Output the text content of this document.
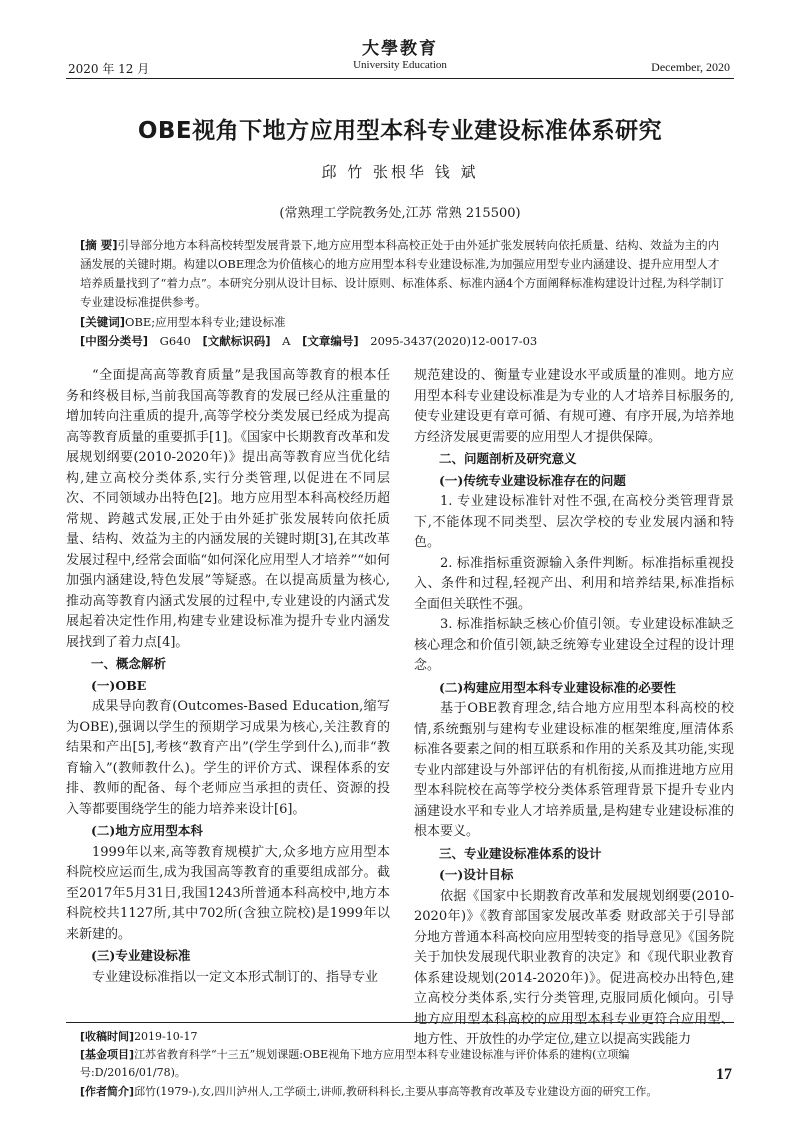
大學教育
2020 年 12 月	University Education	December, 2020
OBE视角下地方应用型本科专业建设标准体系研究
邱 竹 张根华 钱 斌
(常熟理工学院教务处,江苏 常熟 215500)
[摘 要]引导部分地方本科高校转型发展背景下,地方应用型本科高校正处于由外延扩张发展转向依托质量、结构、效益为主的内涵发展的关键时期。构建以OBE理念为价值核心的地方应用型本科专业建设标准,为加强应用型专业内涵建设、提升应用型人才培养质量找到了“着力点”。本研究分别从设计目标、设计原则、标准体系、标准内涵4个方面阐释标准构建设计过程,为科学制订专业建设标准提供参考。
[关键词]OBE;应用型本科专业;建设标准
[中图分类号] G640 [文献标识码] A [文章编号] 2095-3437(2020)12-0017-03

“全面提高高等教育质量”是我国高等教育的根本任务和终极目标,当前我国高等教育的发展已经从注重量的增加转向注重质的提升,高等学校分类发展已经成为提高高等教育质量的重要抓手[1]。《国家中长期教育改革和发展规划纲要(2010-2020年)》提出高等教育应当优化结构,建立高校分类体系,实行分类管理,以促进在不同层次、不同领域办出特色[2]。地方应用型本科高校经历超常规、跨越式发展,正处于由外延扩张发展转向依托质量、结构、效益为主的内涵发展的关键时期[3],在其改革发展过程中,经常会面临“如何深化应用型人才培养”“如何加强内涵建设,特色发展”等疑惑。在以提高质量为核心,推动高等教育内涵式发展的过程中,专业建设的内涵式发展起着决定性作用,构建专业建设标准为提升专业内涵发展找到了着力点[4]。

一、概念解析

(一)OBE

成果导向教育(Outcomes-Based Education,缩写为OBE),强调以学生的预期学习成果为核心,关注教育的结果和产出[5],考核“教育产出”(学生学到什么),而非“教育输入”(教师教什么)。学生的评价方式、课程体系的安排、教师的配备、每个老师应当承担的责任、资源的投入等都要围绕学生的能力培养来设计[6]。

(二)地方应用型本科

1999年以来,高等教育规模扩大,众多地方应用型本科院校应运而生,成为我国高等教育的重要组成部分。截至2017年5月31日,我国1243所普通本科高校中,地方本科院校共1127所,其中702所(含独立院校)是1999年以来新建的。

(三)专业建设标准

专业建设标准指以一定文本形式制订的、指导专业

规范建设的、衡量专业建设水平或质量的准则。地方应用型本科专业建设标准是为专业的人才培养目标服务的,使专业建设更有章可循、有规可遵、有序开展,为培养地方经济发展更需要的应用型人才提供保障。

二、问题剖析及研究意义

(一)传统专业建设标准存在的问题

1. 专业建设标准针对性不强,在高校分类管理背景下,不能体现不同类型、层次学校的专业发展内涵和特色。

2. 标准指标重资源输入条件判断。标准指标重视投入、条件和过程,轻视产出、利用和培养结果,标准指标全面但关联性不强。

3. 标准指标缺乏核心价值引领。专业建设标准缺乏核心理念和价值引领,缺乏统筹专业建设全过程的设计理念。

(二)构建应用型本科专业建设标准的必要性

基于OBE教育理念,结合地方应用型本科高校的校情,系统甄别与建构专业建设标准的框架维度,厘清体系标准各要素之间的相互联系和作用的关系及其功能,实现专业内部建设与外部评估的有机衔接,从而推进地方应用型本科院校在高等学校分类体系管理背景下提升专业内涵建设水平和专业人才培养质量,是构建专业建设标准的根本要义。

三、专业建设标准体系的设计

(一)设计目标

依据《国家中长期教育改革和发展规划纲要(2010-2020年)》《教育部国家发展改革委 财政部关于引导部分地方普通本科高校向应用型转变的指导意见》《国务院关于加快发展现代职业教育的决定》和《现代职业教育体系建设规划(2014-2020年)》。促进高校办出特色,建立高校分类体系,实行分类管理,克服同质化倾向。引导地方应用型本科高校的应用型本科专业更符合应用型、地方性、开放性的办学定位,建立以提高实践能力

[收稿时间]2019-10-17
[基金项目]江苏省教育科学“十三五”规划课题:OBE视角下地方应用型本科专业建设标准与评价体系的建构(立项编号:D/2016/01/78)。
[作者简介]邱竹(1979-),女,四川泸州人,工学硕士,讲师,教研科科长,主要从事高等教育改革及专业建设方面的研究工作。
17
